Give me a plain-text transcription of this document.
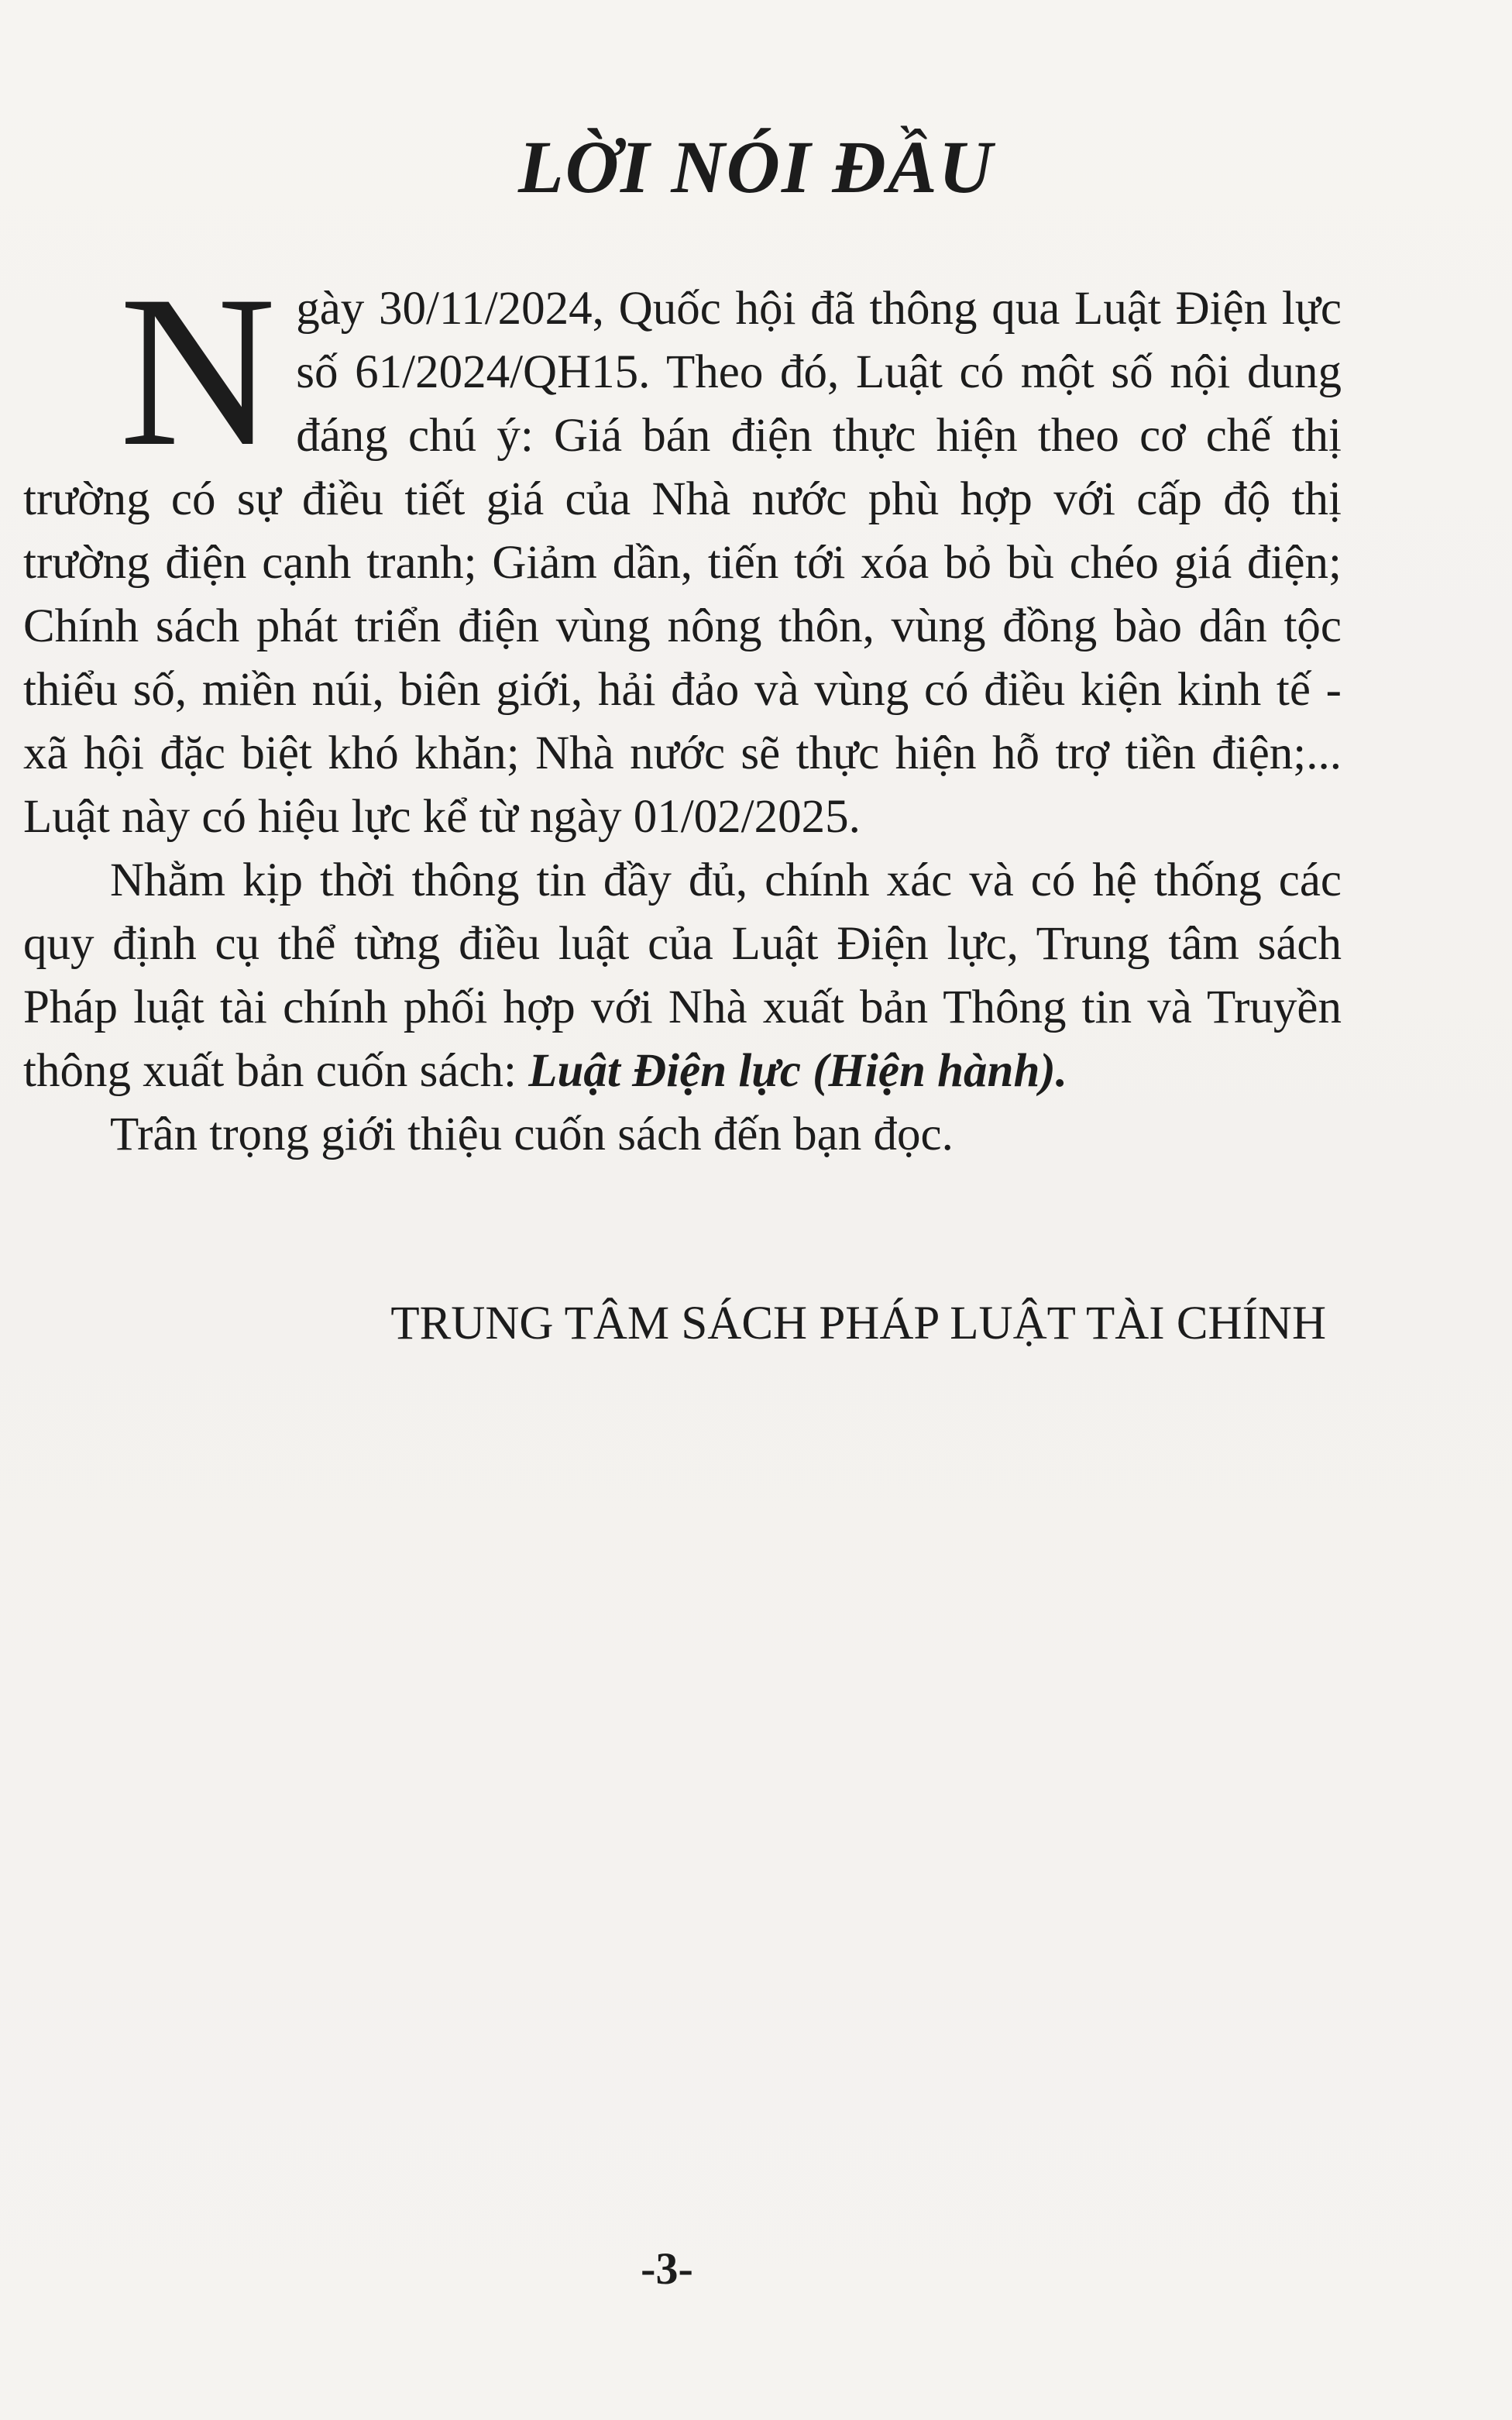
LỜI NÓI ĐẦU

Ngày 30/11/2024, Quốc hội đã thông qua Luật Điện lực số 61/2024/QH15. Theo đó, Luật có một số nội dung đáng chú ý: Giá bán điện thực hiện theo cơ chế thị trường có sự điều tiết giá của Nhà nước phù hợp với cấp độ thị trường điện cạnh tranh; Giảm dần, tiến tới xóa bỏ bù chéo giá điện; Chính sách phát triển điện vùng nông thôn, vùng đồng bào dân tộc thiểu số, miền núi, biên giới, hải đảo và vùng có điều kiện kinh tế - xã hội đặc biệt khó khăn; Nhà nước sẽ thực hiện hỗ trợ tiền điện;... Luật này có hiệu lực kể từ ngày 01/02/2025.

Nhằm kịp thời thông tin đầy đủ, chính xác và có hệ thống các quy định cụ thể từng điều luật của Luật Điện lực, Trung tâm sách Pháp luật tài chính phối hợp với Nhà xuất bản Thông tin và Truyền thông xuất bản cuốn sách: Luật Điện lực (Hiện hành).

Trân trọng giới thiệu cuốn sách đến bạn đọc.

TRUNG TÂM SÁCH PHÁP LUẬT TÀI CHÍNH

-3-
